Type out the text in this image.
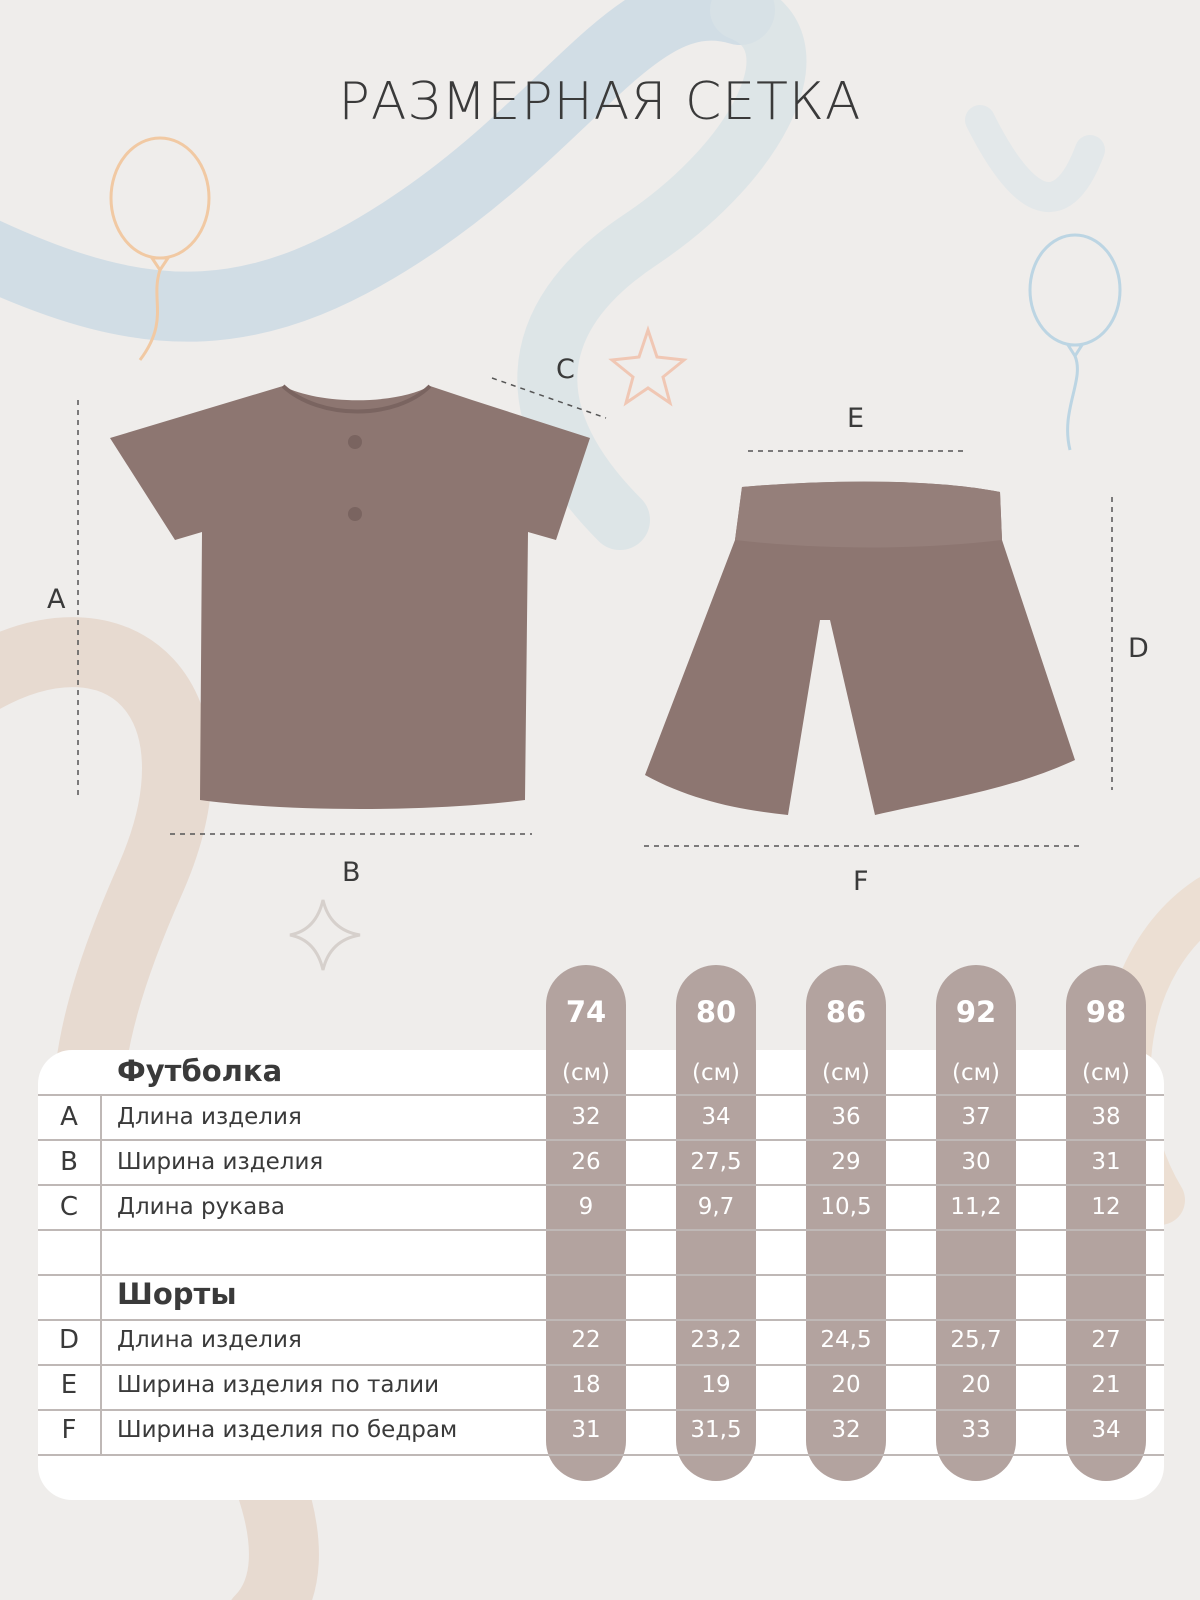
РАЗМЕРНАЯ СЕТКА
A
B
C
E
D
F
74	80	86	92	98
Футболка	(см)	(см)	(см)	(см)	(см)
A	Длина изделия	32	34	36	37	38
B	Ширина изделия	26	27,5	29	30	31
C	Длина рукава	9	9,7	10,5	11,2	12
Шорты
D	Длина изделия	22	23,2	24,5	25,7	27
E	Ширина изделия по талии	18	19	20	20	21
F	Ширина изделия по бедрам	31	31,5	32	33	34
